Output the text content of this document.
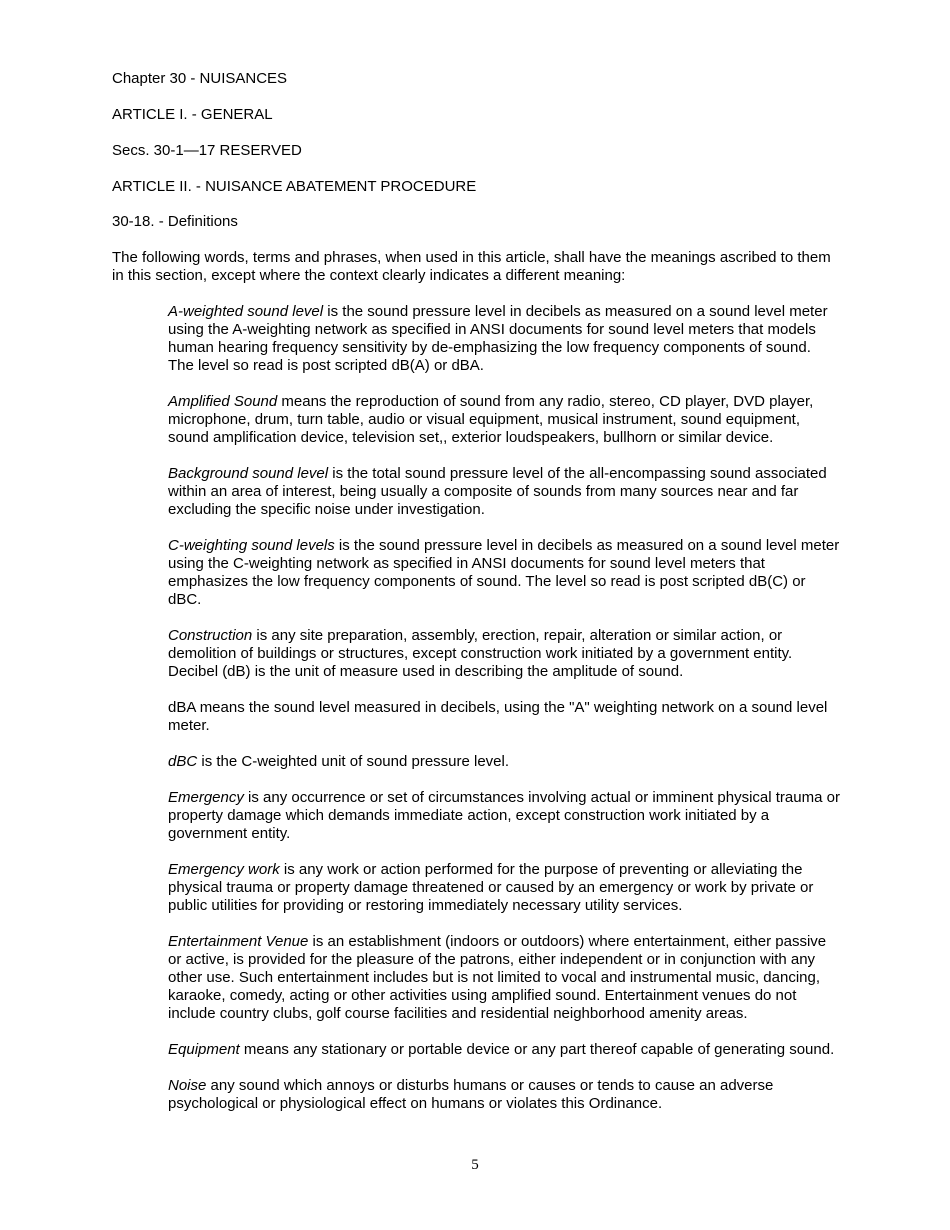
Chapter 30 - NUISANCES

ARTICLE I. - GENERAL

Secs. 30-1—17 RESERVED

ARTICLE II. - NUISANCE ABATEMENT PROCEDURE

30-18. - Definitions

The following words, terms and phrases, when used in this article, shall have the meanings ascribed to them in this section, except where the context clearly indicates a different meaning:

A-weighted sound level is the sound pressure level in decibels as measured on a sound level meter using the A-weighting network as specified in ANSI documents for sound level meters that models human hearing frequency sensitivity by de-emphasizing the low frequency components of sound. The level so read is post scripted dB(A) or dBA.

Amplified Sound means the reproduction of sound from any radio, stereo, CD player, DVD player, microphone, drum, turn table, audio or visual equipment, musical instrument, sound equipment, sound amplification device, television set,, exterior loudspeakers, bullhorn or similar device.

Background sound level is the total sound pressure level of the all-encompassing sound associated within an area of interest, being usually a composite of sounds from many sources near and far excluding the specific noise under investigation.

C-weighting sound levels is the sound pressure level in decibels as measured on a sound level meter using the C-weighting network as specified in ANSI documents for sound level meters that emphasizes the low frequency components of sound. The level so read is post scripted dB(C) or dBC.

Construction is any site preparation, assembly, erection, repair, alteration or similar action, or demolition of buildings or structures, except construction work initiated by a government entity. Decibel (dB) is the unit of measure used in describing the amplitude of sound.

dBA means the sound level measured in decibels, using the "A" weighting network on a sound level meter.

dBC is the C-weighted unit of sound pressure level.

Emergency is any occurrence or set of circumstances involving actual or imminent physical trauma or property damage which demands immediate action, except construction work initiated by a government entity.

Emergency work is any work or action performed for the purpose of preventing or alleviating the physical trauma or property damage threatened or caused by an emergency or work by private or public utilities for providing or restoring immediately necessary utility services.

Entertainment Venue is an establishment (indoors or outdoors) where entertainment, either passive or active, is provided for the pleasure of the patrons, either independent or in conjunction with any other use. Such entertainment includes but is not limited to vocal and instrumental music, dancing, karaoke, comedy, acting or other activities using amplified sound. Entertainment venues do not include country clubs, golf course facilities and residential neighborhood amenity areas.

Equipment means any stationary or portable device or any part thereof capable of generating sound.

Noise any sound which annoys or disturbs humans or causes or tends to cause an adverse psychological or physiological effect on humans or violates this Ordinance.

5
